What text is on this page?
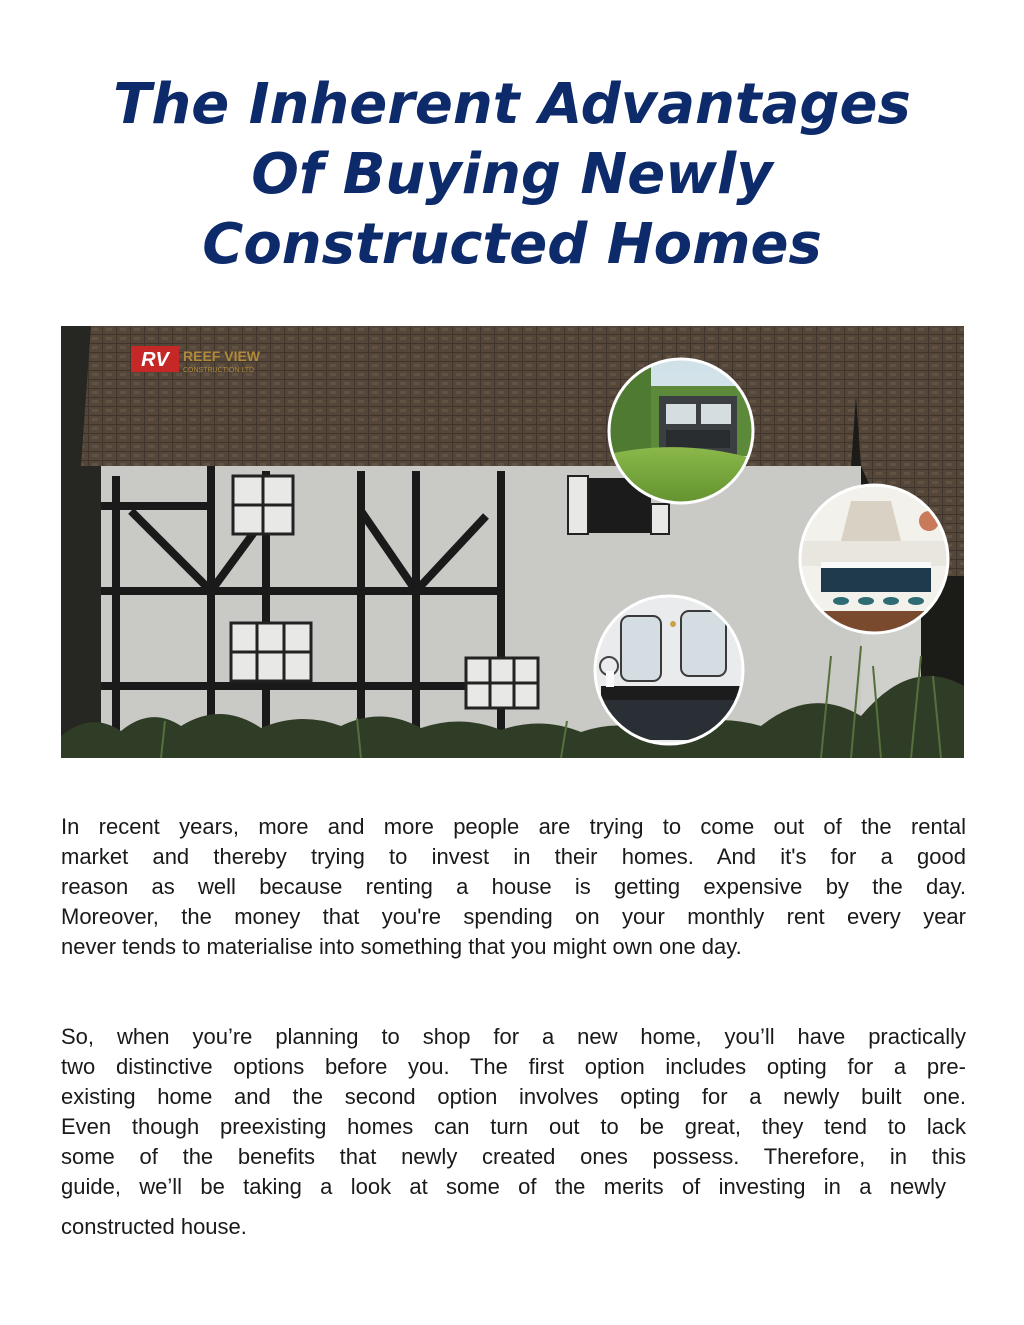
The Inherent Advantages
Of Buying Newly
Constructed Homes
RV REEF VIEW
CONSTRUCTION LTD
In recent years, more and more people are trying to come out of the rental
market and thereby trying to invest in their homes. And it's for a good
reason as well because renting a house is getting expensive by the day.
Moreover, the money that you're spending on your monthly rent every year
never tends to materialise into something that you might own one day.
So, when you’re planning to shop for a new home, you’ll have practically
two distinctive options before you. The first option includes opting for a pre-
existing home and the second option involves opting for a newly built one.
Even though preexisting homes can turn out to be great, they tend to lack
some of the benefits that newly created ones possess. Therefore, in this
guide, we’ll be taking a look at some of the merits of investing in a newly

constructed house.
